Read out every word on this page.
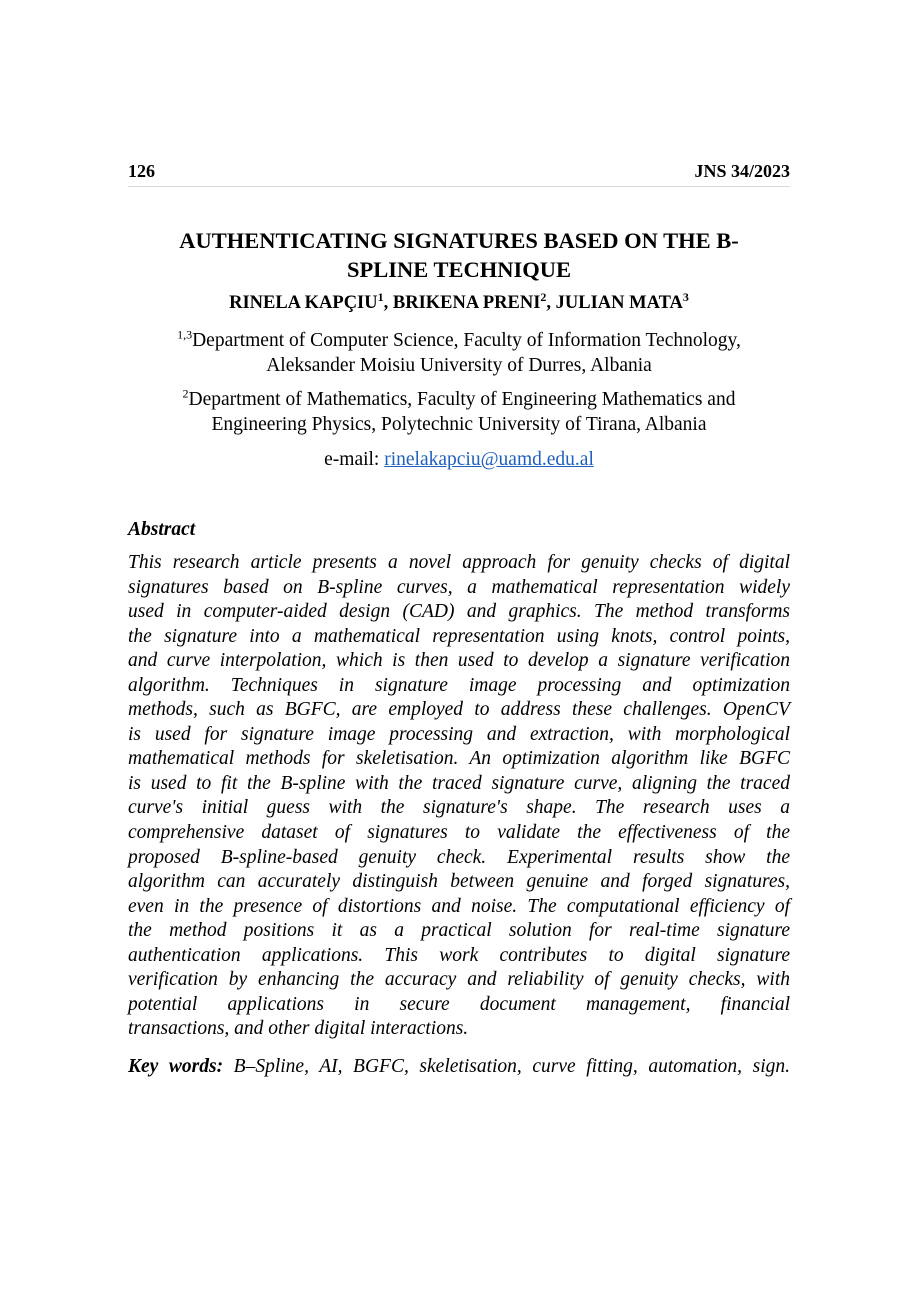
126	JNS 34/2023
AUTHENTICATING SIGNATURES BASED ON THE B-
SPLINE TECHNIQUE
RINELA KAPÇIU$^1$, BRIKENA PRENI$^2$, JULIAN MATA$^3$
$^{1,3}$Department of Computer Science, Faculty of Information Technology,
Aleksander Moisiu University of Durres, Albania
$^2$Department of Mathematics, Faculty of Engineering Mathematics and
Engineering Physics, Polytechnic University of Tirana, Albania
e-mail: rinelakapciu@uamd.edu.al
Abstract
This research article presents a novel approach for genuity checks of digital
signatures based on B-spline curves, a mathematical representation widely
used in computer-aided design (CAD) and graphics. The method transforms
the signature into a mathematical representation using knots, control points,
and curve interpolation, which is then used to develop a signature verification
algorithm. Techniques in signature image processing and optimization
methods, such as BGFC, are employed to address these challenges. OpenCV
is used for signature image processing and extraction, with morphological
mathematical methods for skeletisation. An optimization algorithm like BGFC
is used to fit the B-spline with the traced signature curve, aligning the traced
curve's initial guess with the signature's shape. The research uses a
comprehensive dataset of signatures to validate the effectiveness of the
proposed B-spline-based genuity check. Experimental results show the
algorithm can accurately distinguish between genuine and forged signatures,
even in the presence of distortions and noise. The computational efficiency of
the method positions it as a practical solution for real-time signature
authentication applications. This work contributes to digital signature
verification by enhancing the accuracy and reliability of genuity checks, with
potential applications in secure document management, financial
transactions, and other digital interactions.
Key words: B–Spline, AI, BGFC, skeletisation, curve fitting, automation, sign.
